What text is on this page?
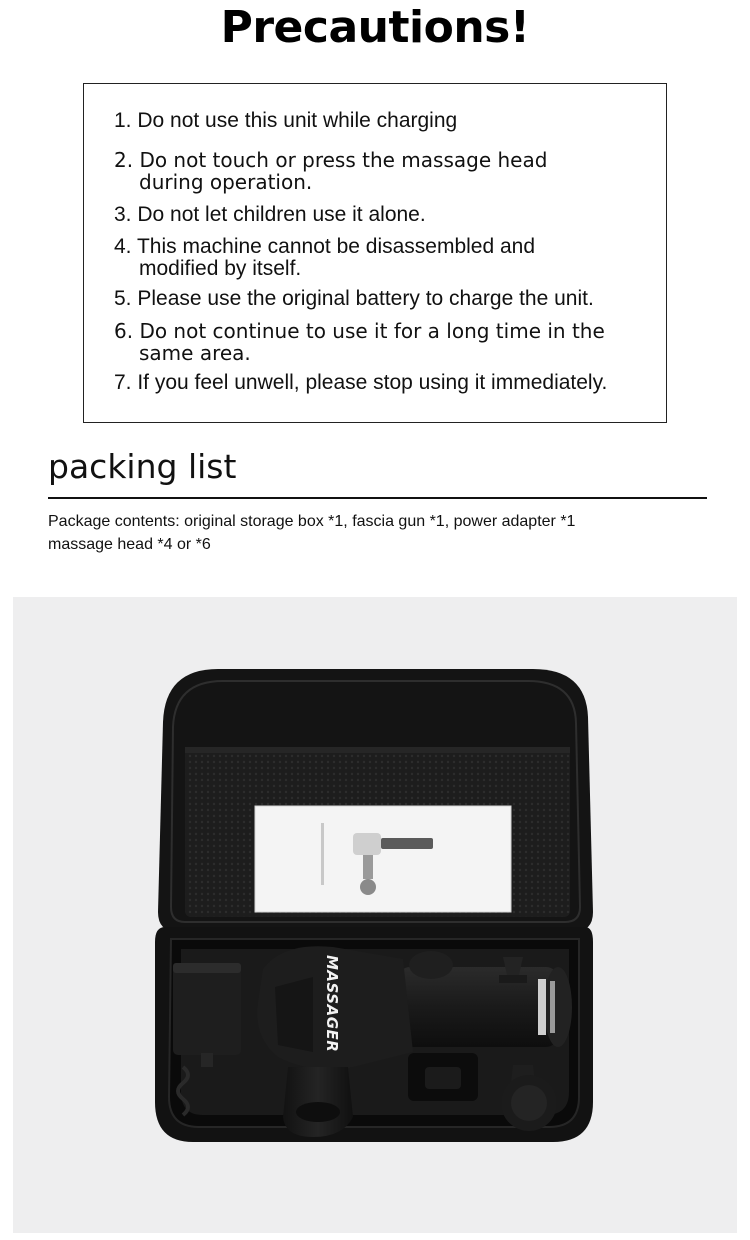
Precautions!
1. Do not use this unit while charging
2. Do not touch or press the massage head
during operation.
3. Do not let children use it alone.
4. This machine cannot be disassembled and
modified by itself.
5. Please use the original battery to charge the unit.
6. Do not continue to use it for a long time in the
same area.
7. If you feel unwell, please stop using it immediately.
packing list
Package contents: original storage box *1, fascia gun *1, power adapter *1
massage head *4 or *6
MASSAGER
